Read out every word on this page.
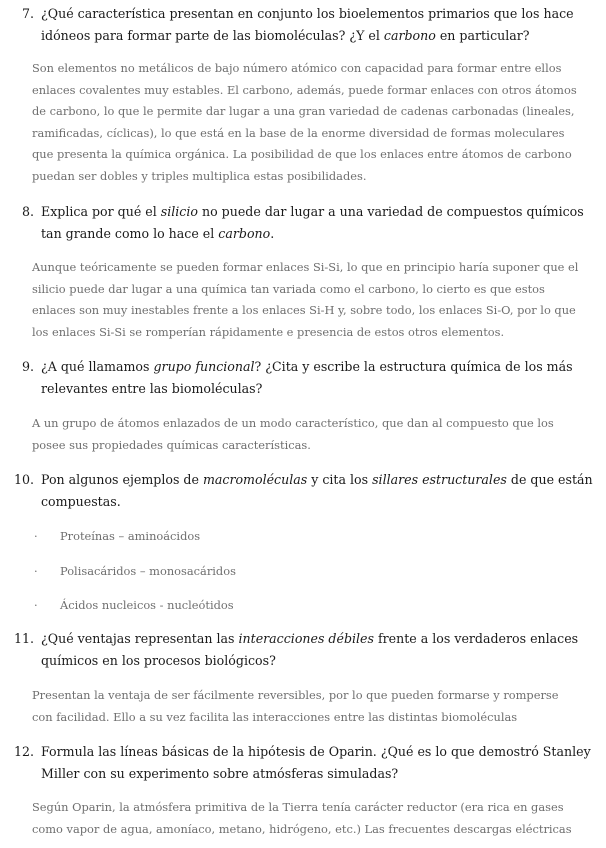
7. ¿Qué característica presentan en conjunto los bioelementos primarios que los hace idóneos para formar parte de las biomoléculas? ¿Y el carbono en particular?
Son elementos no metálicos de bajo número atómico con capacidad para formar entre ellos enlaces covalentes muy estables. El carbono, además, puede formar enlaces con otros átomos de carbono, lo que le permite dar lugar a una gran variedad de cadenas carbonadas (lineales, ramificadas, cíclicas), lo que está en la base de la enorme diversidad de formas moleculares que presenta la química orgánica. La posibilidad de que los enlaces entre átomos de carbono puedan ser dobles y triples multiplica estas posibilidades.
8. Explica por qué el silicio no puede dar lugar a una variedad de compuestos químicos tan grande como lo hace el carbono.
Aunque teóricamente se pueden formar enlaces Si-Si, lo que en principio haría suponer que el silicio puede dar lugar a una química tan variada como el carbono, lo cierto es que estos enlaces son muy inestables frente a los enlaces Si-H y, sobre todo, los enlaces Si-O, por lo que los enlaces Si-Si se romperían rápidamente e presencia de estos otros elementos.
9. ¿A qué llamamos grupo funcional? ¿Cita y escribe la estructura química de los más relevantes entre las biomoléculas?
A un grupo de átomos enlazados de un modo característico, que dan al compuesto que los posee sus propiedades químicas características.
10. Pon algunos ejemplos de macromoléculas y cita los sillares estructurales de que están compuestas.
· Proteínas – aminoácidos
· Polisacáridos – monosacáridos
· Ácidos nucleicos - nucleótidos
11. ¿Qué ventajas representan las interacciones débiles frente a los verdaderos enlaces químicos en los procesos biológicos?
Presentan la ventaja de ser fácilmente reversibles, por lo que pueden formarse y romperse con facilidad. Ello a su vez facilita las interacciones entre las distintas biomoléculas
12. Formula las líneas básicas de la hipótesis de Oparin. ¿Qué es lo que demostró Stanley Miller con su experimento sobre atmósferas simuladas?
Según Oparin, la atmósfera primitiva de la Tierra tenía carácter reductor (era rica en gases como vapor de agua, amoníaco, metano, hidrógeno, etc.) Las frecuentes descargas eléctricas
